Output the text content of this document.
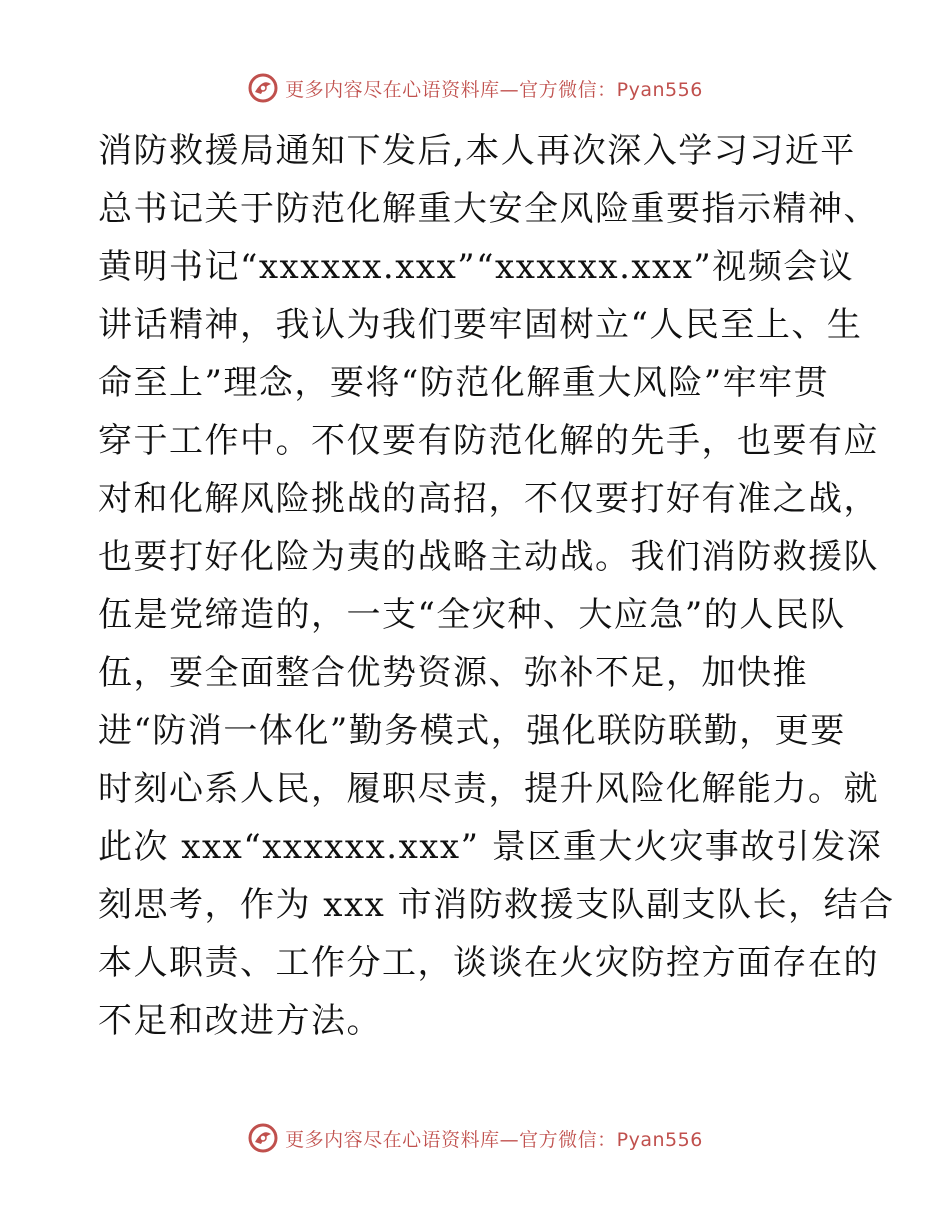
更多内容尽在心语资料库—官方微信：Pyan556
消防救援局通知下发后,本人再次深入学习习近平
总书记关于防范化解重大安全风险重要指示精神、
黄明书记“xxxxxx.xxx”“xxxxxx.xxx”视频会议
讲话精神，我认为我们要牢固树立“人民至上、生
命至上”理念，要将“防范化解重大风险”牢牢贯
穿于工作中。不仅要有防范化解的先手，也要有应
对和化解风险挑战的高招，不仅要打好有准之战，
也要打好化险为夷的战略主动战。我们消防救援队
伍是党缔造的，一支“全灾种、大应急”的人民队
伍，要全面整合优势资源、弥补不足，加快推
进“防消一体化”勤务模式，强化联防联勤，更要
时刻心系人民，履职尽责，提升风险化解能力。就
此次 xxx“xxxxxx.xxx” 景区重大火灾事故引发深
刻思考，作为 xxx 市消防救援支队副支队长，结合
本人职责、工作分工，谈谈在火灾防控方面存在的
不足和改进方法。
更多内容尽在心语资料库—官方微信：Pyan556
